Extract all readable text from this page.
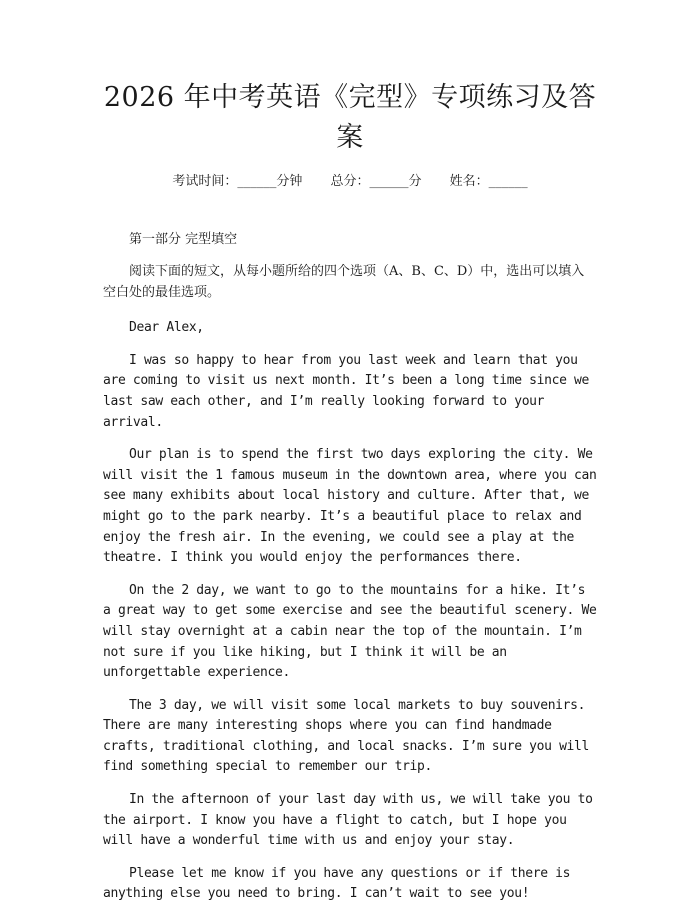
2026 年中考英语《完型》专项练习及答案
考试时间：______分钟 总分：______分 姓名：______
第一部分 完型填空

阅读下面的短文，从每小题所给的四个选项（A、B、C、D）中，选出可以填入空白处的最佳选项。

Dear Alex,

I was so happy to hear from you last week and learn that you are coming to visit us next month. It’s been a long time since we last saw each other, and I’m really looking forward to your arrival.

Our plan is to spend the first two days exploring the city. We will visit the 1 famous museum in the downtown area, where you can see many exhibits about local history and culture. After that, we might go to the park nearby. It’s a beautiful place to relax and enjoy the fresh air. In the evening, we could see a play at the theatre. I think you would enjoy the performances there.

On the 2 day, we want to go to the mountains for a hike. It’s a great way to get some exercise and see the beautiful scenery. We will stay overnight at a cabin near the top of the mountain. I’m not sure if you like hiking, but I think it will be an unforgettable experience.

The 3 day, we will visit some local markets to buy souvenirs. There are many interesting shops where you can find handmade crafts, traditional clothing, and local snacks. I’m sure you will find something special to remember our trip.

In the afternoon of your last day with us, we will take you to the airport. I know you have a flight to catch, but I hope you will have a wonderful time with us and enjoy your stay.

Please let me know if you have any questions or if there is anything else you need to bring. I can’t wait to see you!
